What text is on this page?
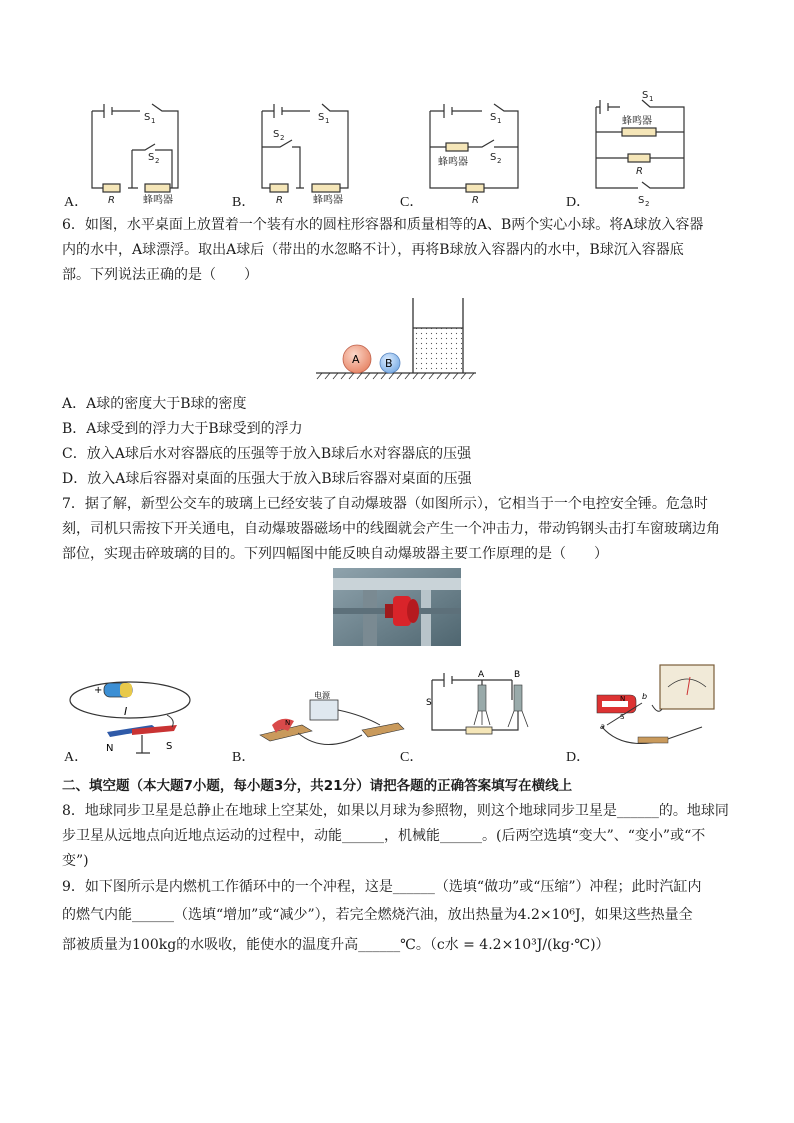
S 1
S 2
R	蜂鸣器
S 1
S 2
R	蜂鸣器
S 1
蜂鸣器 S 2
R
S 1
蜂鸣器
R
S 2
A．	B．	C．	D．
6．如图，水平桌面上放置着一个装有水的圆柱形容器和质量相等的A、B两个实心小球。将A球放入容器
内的水中，A球漂浮。取出A球后（带出的水忽略不计），再将B球放入容器内的水中，B球沉入容器底
部。下列说法正确的是（　　）
A B
A．A球的密度大于B球的密度
B．A球受到的浮力大于B球受到的浮力
C．放入A球后水对容器底的压强等于放入B球后水对容器底的压强
D．放入A球后容器对桌面的压强大于放入B球后容器对桌面的压强
7．据了解，新型公交车的玻璃上已经安装了自动爆玻器（如图所示），它相当于一个电控安全锤。危急时
刻，司机只需按下开关通电，自动爆玻器磁场中的线圈就会产生一个冲击力，带动钨钢头击打车窗玻璃边角
部位，实现击碎玻璃的目的。下列四幅图中能反映自动爆玻器主要工作原理的是（　　）
+
I
N	S
电源
N
S
A	B
N
S
a
b
A．	B．	C．	D．
二、填空题（本大题7小题，每小题3分，共21分）请把各题的正确答案填写在横线上
8．地球同步卫星是总静止在地球上空某处，如果以月球为参照物，则这个地球同步卫星是______的。地球同
步卫星从远地点向近地点运动的过程中，动能______，机械能______。(后两空选填“变大”、“变小”或“不
变”)
9．如下图所示是内燃机工作循环中的一个冲程，这是______（选填“做功”或“压缩”）冲程；此时汽缸内
的燃气内能______（选填“增加”或“减少”），若完全燃烧汽油，放出热量为4.2×10⁶J，如果这些热量全
部被质量为100kg的水吸收，能使水的温度升高______℃。（c水 = 4.2×10³J/(kg·℃)）
